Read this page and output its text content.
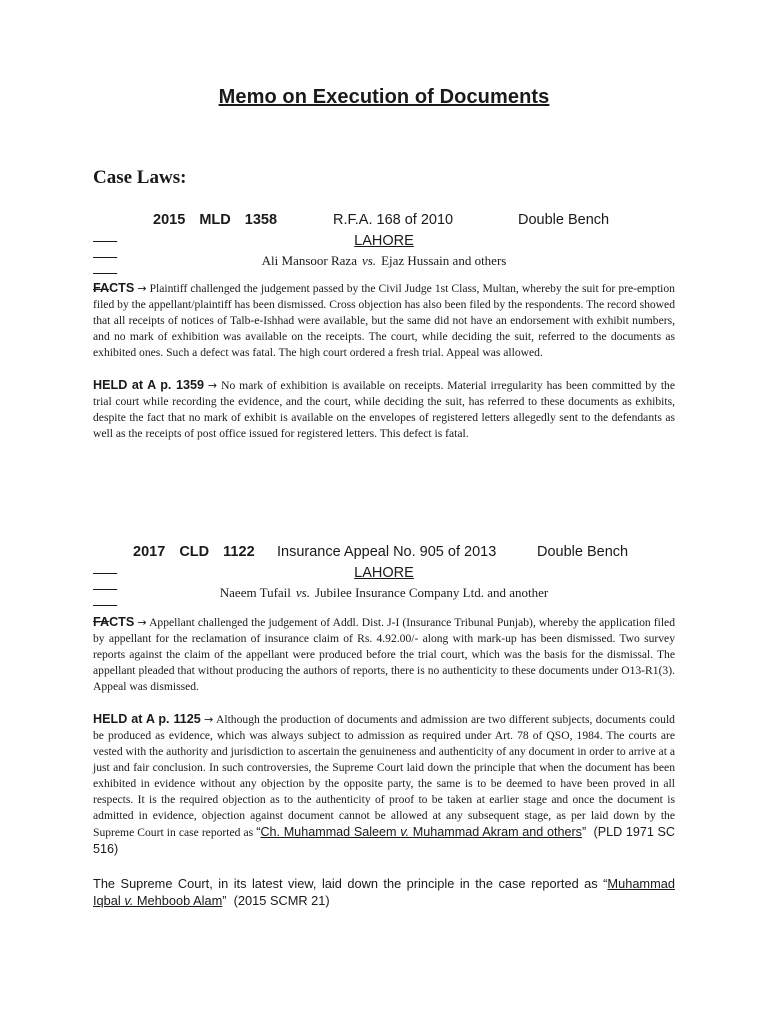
Memo on Execution of Documents
Case Laws:

2015  MLD  1358

	R.F.A. 168 of 2010

	Double Bench

LAHORE
Ali Mansoor Raza vs. Ejaz Hussain and others

FACTS → Plaintiff challenged the judgement passed by the Civil Judge 1st Class, Multan, whereby the suit for pre-emption filed by the appellant/plaintiff has been dismissed. Cross objection has also been filed by the respondents. The record showed that all receipts of notices of Talb-e-Ishhad were available, but the same did not have an endorsement with exhibit numbers, and no mark of exhibition was available on the receipts. The court, while deciding the suit, referred to the documents as exhibited ones. Such a defect was fatal. The high court ordered a fresh trial. Appeal was allowed.

HELD at A p. 1359 → No mark of exhibition is available on receipts. Material irregularity has been committed by the trial court while recording the evidence, and the court, while deciding the suit, has referred to these documents as exhibits, despite the fact that no mark of exhibit is available on the envelopes of registered letters allegedly sent to the defendants as well as the receipts of post office issued for registered letters. This defect is fatal.

2017  CLD  1122

Insurance Appeal No. 905 of 2013

	Double Bench

LAHORE
Naeem Tufail vs. Jubilee Insurance Company Ltd. and another

FACTS → Appellant challenged the judgement of Addl. Dist. J-I (Insurance Tribunal Punjab), whereby the application filed by appellant for the reclamation of insurance claim of Rs. 4.92.00/- along with mark-up has been dismissed. Two survey reports against the claim of the appellant were produced before the trial court, which was the basis for the dismissal. The appellant pleaded that without producing the authors of reports, there is no authenticity to these documents under O13-R1(3). Appeal was dismissed.

HELD at A p. 1125 → Although the production of documents and admission are two different subjects, documents could be produced as evidence, which was always subject to admission as required under Art. 78 of QSO, 1984. The courts are vested with the authority and jurisdiction to ascertain the genuineness and authenticity of any document in order to arrive at a just and fair conclusion. In such controversies, the Supreme Court laid down the principle that when the document has been exhibited in evidence without any objection by the opposite party, the same is to be deemed to have been proved in all respects. It is the required objection as to the authenticity of proof to be taken at earlier stage and once the document is admitted in evidence, objection against document cannot be allowed at any subsequent stage, as per laid down by the Supreme Court in case reported as “Ch. Muhammad Saleem v. Muhammad Akram and others” (PLD 1971 SC 516)

The Supreme Court, in its latest view, laid down the principle in the case reported as “Muhammad Iqbal v. Mehboob Alam” (2015 SCMR 21)
